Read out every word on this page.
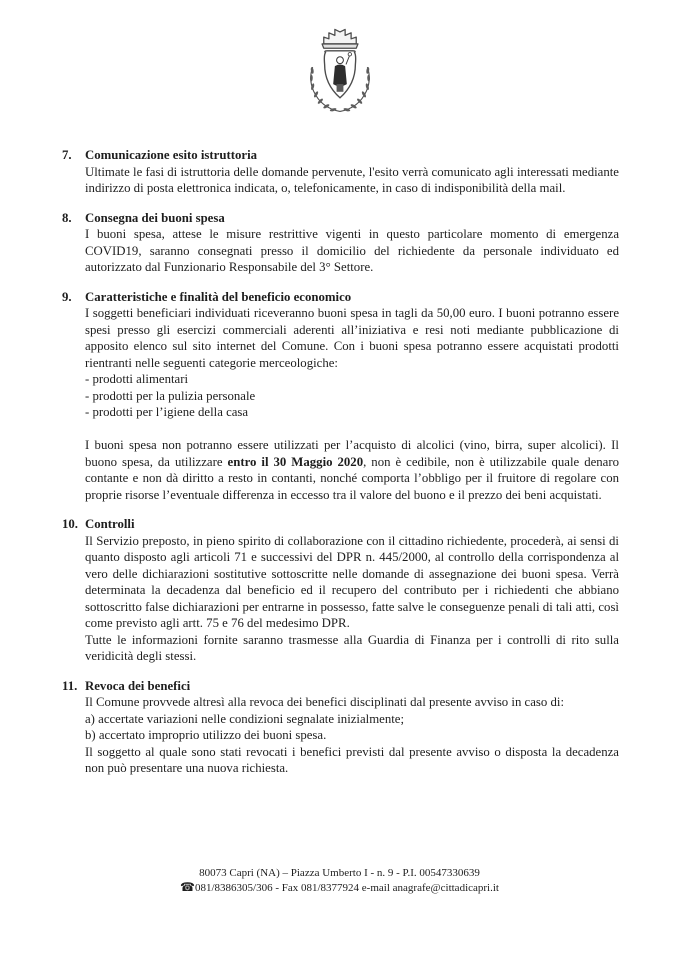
7.	Comunicazione esito istruttoria

Ultimate le fasi di istruttoria delle domande pervenute, l'esito verrà comunicato agli interessati mediante indirizzo di posta elettronica indicata, o, telefonicamente, in caso di indisponibilità della mail.

8.	Consegna dei buoni spesa

I buoni spesa, attese le misure restrittive vigenti in questo particolare momento di emergenza COVID19, saranno consegnati presso il domicilio del richiedente da personale individuato ed autorizzato dal Funzionario Responsabile del 3° Settore.

9.	Caratteristiche e finalità del beneficio economico

I soggetti beneficiari individuati riceveranno buoni spesa in tagli da 50,00 euro. I buoni potranno essere spesi presso gli esercizi commerciali aderenti all’iniziativa e resi noti mediante pubblicazione di apposito elenco sul sito internet del Comune. Con i buoni spesa potranno essere acquistati prodotti rientranti nelle seguenti categorie merceologiche:

- prodotti alimentari
- prodotti per la pulizia personale
- prodotti per l’igiene della casa

I buoni spesa non potranno essere utilizzati per l’acquisto di alcolici (vino, birra, super alcolici). Il buono spesa, da utilizzare entro il 30 Maggio 2020, non è cedibile, non è utilizzabile quale denaro contante e non dà diritto a resto in contanti, nonché comporta l’obbligo per il fruitore di regolare con proprie risorse l’eventuale differenza in eccesso tra il valore del buono e il prezzo dei beni acquistati.

10. Controlli

Il Servizio preposto, in pieno spirito di collaborazione con il cittadino richiedente, procederà, ai sensi di quanto disposto agli articoli 71 e successivi del DPR n. 445/2000, al controllo della corrispondenza al vero delle dichiarazioni sostitutive sottoscritte nelle domande di assegnazione dei buoni spesa. Verrà determinata la decadenza dal beneficio ed il recupero del contributo per i richiedenti che abbiano sottoscritto false dichiarazioni per entrarne in possesso, fatte salve le conseguenze penali di tali atti, così come previsto agli artt. 75 e 76 del medesimo DPR.

Tutte le informazioni fornite saranno trasmesse alla Guardia di Finanza per i controlli di rito sulla veridicità degli stessi.

11. Revoca dei benefici

Il Comune provvede altresì alla revoca dei benefici disciplinati dal presente avviso in caso di:

a) accertate variazioni nelle condizioni segnalate inizialmente;
b) accertato improprio utilizzo dei buoni spesa.

Il soggetto al quale sono stati revocati i benefici previsti dal presente avviso o disposta la decadenza non può presentare una nuova richiesta.

80073 Capri (NA) – Piazza Umberto I - n. 9 - P.I. 00547330639
☎081/8386305/306 - Fax 081/8377924 e-mail anagrafe@cittadicapri.it
